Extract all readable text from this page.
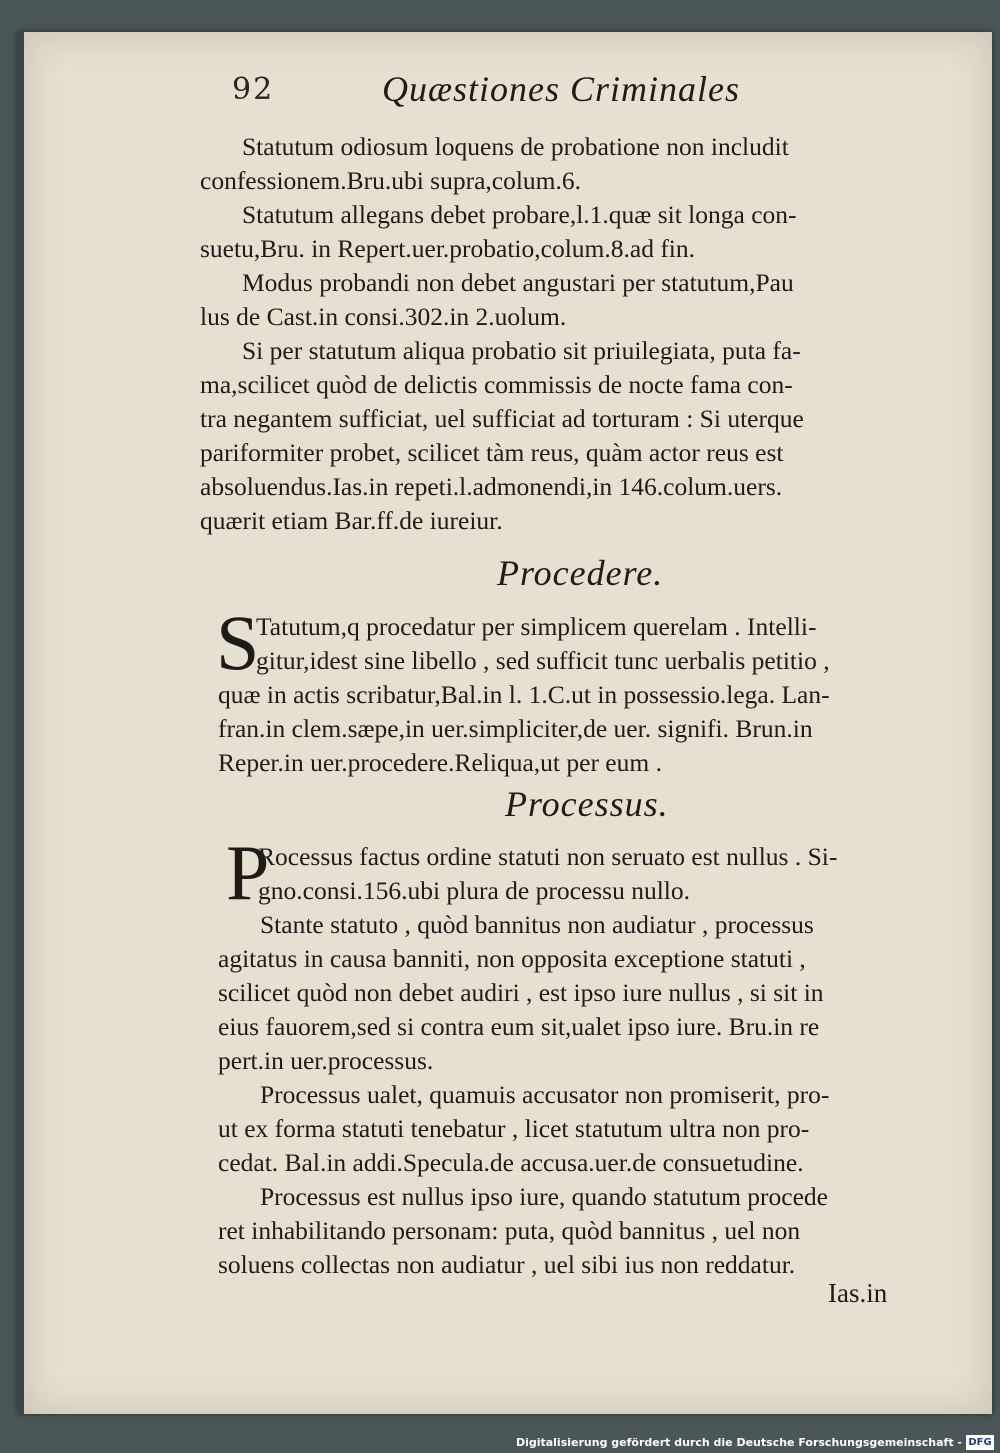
92	Quæstiones Criminales
Statutum odiosum loquens de probatione non includit
confessionem.Bru.ubi supra,colum.6.
Statutum allegans debet probare,l.1.quæ sit longa con-
suetu,Bru. in Repert.uer.probatio,colum.8.ad fin.
Modus probandi non debet angustari per statutum,Pau
lus de Cast.in consi.302.in 2.uolum.
Si per statutum aliqua probatio sit priuilegiata, puta fa-
ma,scilicet quòd de delictis commissis de nocte fama con-
tra negantem sufficiat, uel sufficiat ad torturam : Si uterque
pariformiter probet, scilicet tàm reus, quàm actor reus est
absoluendus.Ias.in repeti.l.admonendi,in 146.colum.uers.
quærit etiam Bar.ff.de iureiur.
Procedere.
S
Tatutum,q procedatur per simplicem querelam . Intelli-
gitur,idest sine libello , sed sufficit tunc uerbalis petitio ,
quæ in actis scribatur,Bal.in l. 1.C.ut in possessio.lega. Lan-
fran.in clem.sæpe,in uer.simpliciter,de uer. signifi. Brun.in
Reper.in uer.procedere.Reliqua,ut per eum .
Processus.
P
Rocessus factus ordine statuti non seruato est nullus . Si-
gno.consi.156.ubi plura de processu nullo.
Stante statuto , quòd bannitus non audiatur , processus
agitatus in causa banniti, non opposita exceptione statuti ,
scilicet quòd non debet audiri , est ipso iure nullus , si sit in
eius fauorem,sed si contra eum sit,ualet ipso iure. Bru.in re
pert.in uer.processus.
Processus ualet, quamuis accusator non promiserit, pro-
ut ex forma statuti tenebatur , licet statutum ultra non pro-
cedat. Bal.in addi.Specula.de accusa.uer.de consuetudine.
Processus est nullus ipso iure, quando statutum procede
ret inhabilitando personam: puta, quòd bannitus , uel non
soluens collectas non audiatur , uel sibi ius non reddatur.
Ias.in
Digitalisierung gefördert durch die Deutsche Forschungsgemeinschaft - DFG
